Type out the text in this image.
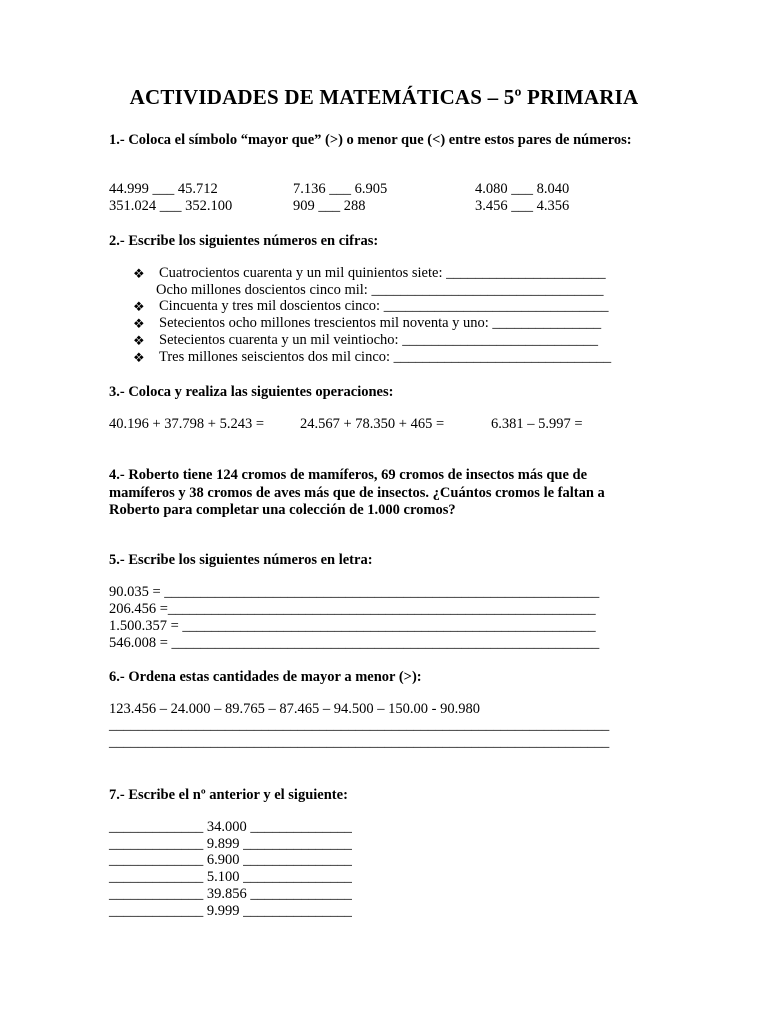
ACTIVIDADES DE MATEMÁTICAS – 5º PRIMARIA
1.- Coloca el símbolo “mayor que” (>) o menor que (<) entre estos pares de números:
44.999 ___ 45.712	7.136 ___ 6.905	4.080 ___ 8.040
351.024 ___ 352.100	909 ___ 288	3.456 ___ 4.356
2.- Escribe los siguientes números en cifras:
❖ Cuatrocientos cuarenta y un mil quinientos siete: ______________________
Ocho millones doscientos cinco mil: ________________________________
❖ Cincuenta y tres mil doscientos cinco: _______________________________
❖ Setecientos ocho millones trescientos mil noventa y uno: _______________
❖ Setecientos cuarenta y un mil veintiocho: ___________________________
❖ Tres millones seiscientos dos mil cinco: ______________________________
3.- Coloca y realiza las siguientes operaciones:
40.196 + 37.798 + 5.243 = 24.567 + 78.350 + 465 =	6.381 – 5.997 =
4.- Roberto tiene 124 cromos de mamíferos, 69 cromos de insectos más que de
mamíferos y 38 cromos de aves más que de insectos. ¿Cuántos cromos le faltan a
Roberto para completar una colección de 1.000 cromos?
5.- Escribe los siguientes números en letra:
90.035 = ____________________________________________________________
206.456 =___________________________________________________________
1.500.357 = _________________________________________________________
546.008 = ___________________________________________________________
6.- Ordena estas cantidades de mayor a menor (>):
123.456 – 24.000 – 89.765 – 87.465 – 94.500 – 150.00 - 90.980
_____________________________________________________________________
_____________________________________________________________________
7.- Escribe el nº anterior y el siguiente:
_____________ 34.000 ______________
_____________ 9.899 _______________
_____________ 6.900 _______________
_____________ 5.100 _______________
_____________ 39.856 ______________
_____________ 9.999 _______________
